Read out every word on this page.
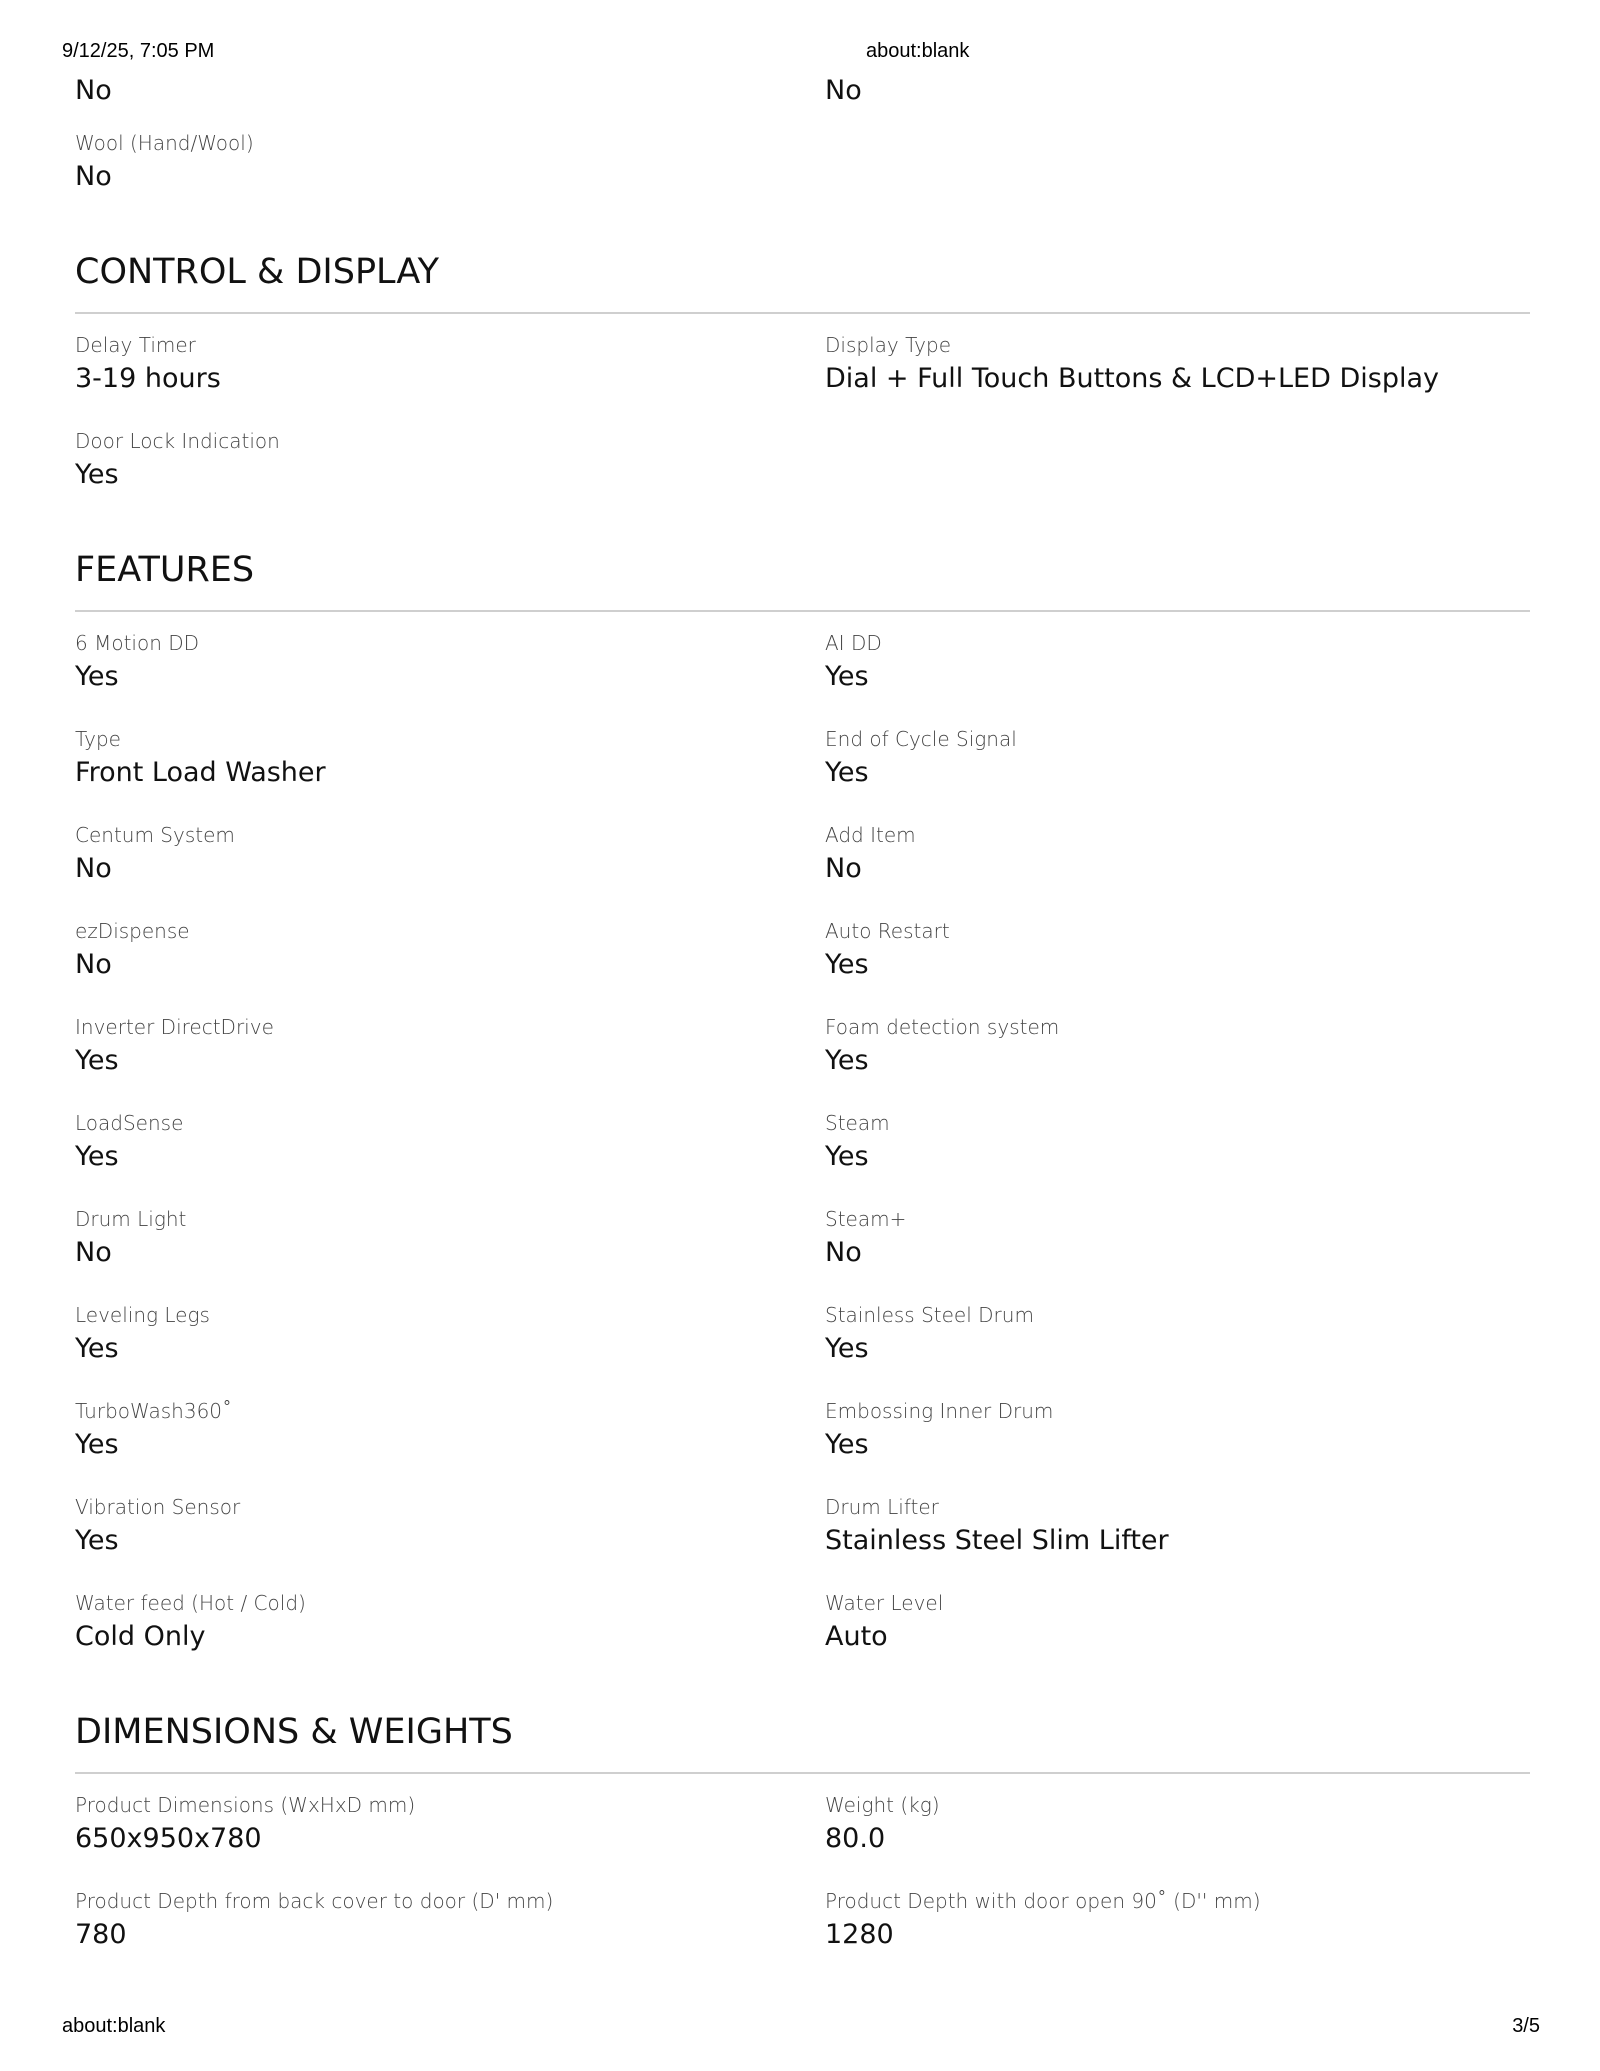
9/12/25, 7:05 PM	about:blank
No	No
Wool (Hand/Wool)
No
CONTROL & DISPLAY
Delay Timer
3-19 hours
Display Type
Dial + Full Touch Buttons & LCD+LED Display
Door Lock Indication
Yes
FEATURES
6 Motion DD
Yes
AI DD
Yes
Type
Front Load Washer
End of Cycle Signal
Yes
Centum System
No
Add Item
No
ezDispense
No
Auto Restart
Yes
Inverter DirectDrive
Yes
Foam detection system
Yes
LoadSense
Yes
Steam
Yes
Drum Light
No
Steam+
No
Leveling Legs
Yes
Stainless Steel Drum
Yes
TurboWash360˚
Yes
Embossing Inner Drum
Yes
Vibration Sensor
Yes
Drum Lifter
Stainless Steel Slim Lifter
Water feed (Hot / Cold)
Cold Only
Water Level
Auto
DIMENSIONS & WEIGHTS
Product Dimensions (WxHxD mm)
650x950x780
Weight (kg)
80.0
Product Depth from back cover to door (D' mm)
780
Product Depth with door open 90˚ (D'' mm)
1280
about:blank	3/5
